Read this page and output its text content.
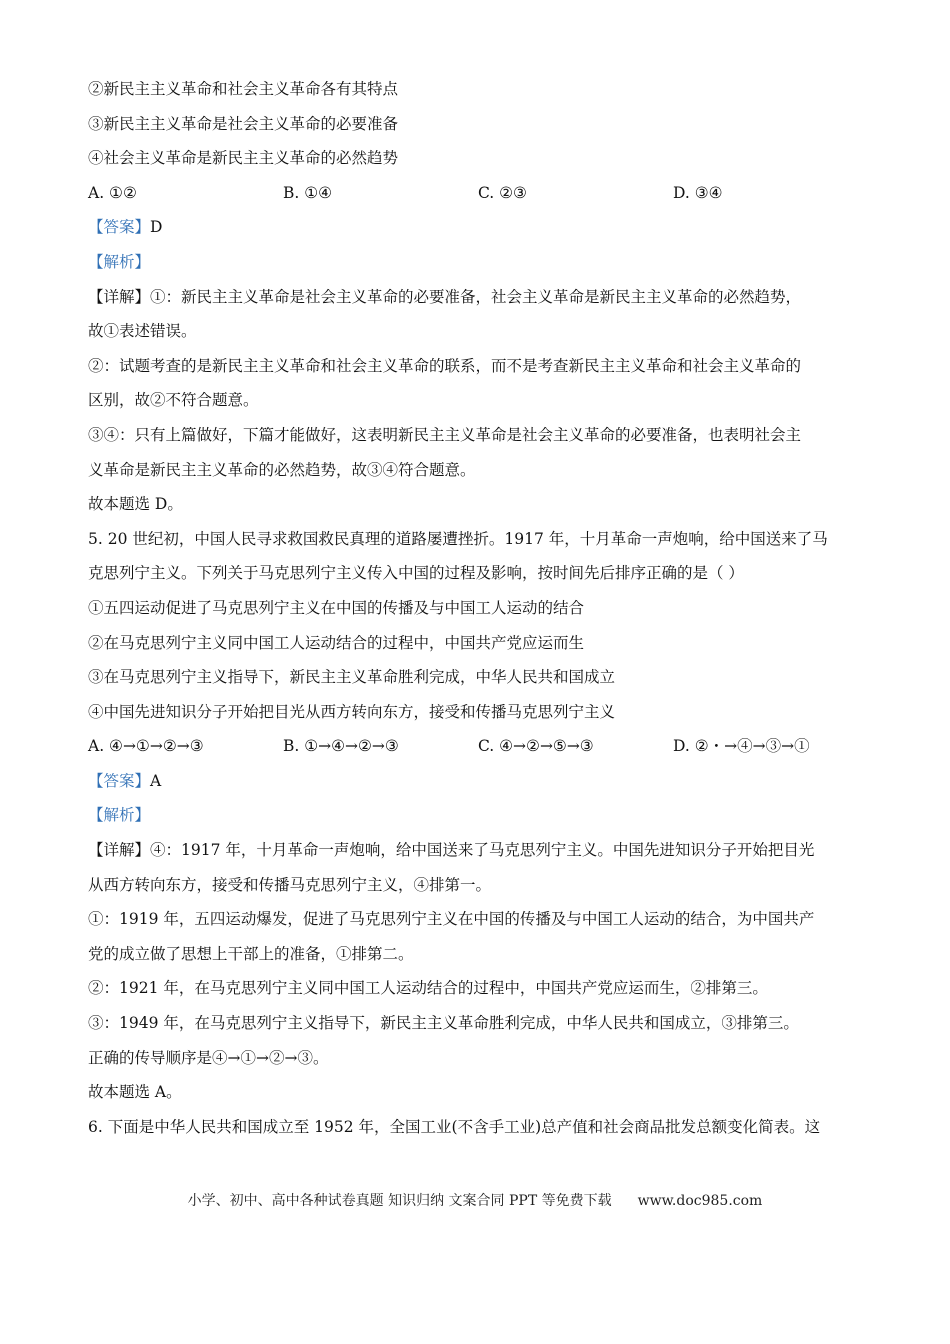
②新民主主义革命和社会主义革命各有其特点
③新民主主义革命是社会主义革命的必要准备
④社会主义革命是新民主主义革命的必然趋势
A. ①②	B. ①④	C. ②③	D. ③④
【答案】D
【解析】
【详解】①：新民主主义革命是社会主义革命的必要准备，社会主义革命是新民主主义革命的必然趋势，
故①表述错误。
②：试题考查的是新民主主义革命和社会主义革命的联系，而不是考查新民主主义革命和社会主义革命的
区别，故②不符合题意。
③④：只有上篇做好，下篇才能做好，这表明新民主主义革命是社会主义革命的必要准备，也表明社会主
义革命是新民主主义革命的必然趋势，故③④符合题意。
故本题选 D。
5. 20 世纪初，中国人民寻求救国救民真理的道路屡遭挫折。1917 年，十月革命一声炮响，给中国送来了马
克思列宁主义。下列关于马克思列宁主义传入中国的过程及影响，按时间先后排序正确的是（ ）
①五四运动促进了马克思列宁主义在中国的传播及与中国工人运动的结合
②在马克思列宁主义同中国工人运动结合的过程中，中国共产党应运而生
③在马克思列宁主义指导下，新民主主义革命胜利完成，中华人民共和国成立
④中国先进知识分子开始把目光从西方转向东方，接受和传播马克思列宁主义
A. ④→①→②→③	B. ①→④→②→③	C. ④→②→⑤→③	D. ②・→④→③→①
【答案】A
【解析】
【详解】④：1917 年，十月革命一声炮响，给中国送来了马克思列宁主义。中国先进知识分子开始把目光
从西方转向东方，接受和传播马克思列宁主义，④排第一。
①：1919 年，五四运动爆发，促进了马克思列宁主义在中国的传播及与中国工人运动的结合，为中国共产
党的成立做了思想上干部上的准备，①排第二。
②：1921 年，在马克思列宁主义同中国工人运动结合的过程中，中国共产党应运而生，②排第三。
③：1949 年，在马克思列宁主义指导下，新民主主义革命胜利完成，中华人民共和国成立，③排第三。
正确的传导顺序是④→①→②→③。
故本题选 A。
6. 下面是中华人民共和国成立至 1952 年，全国工业(不含手工业)总产值和社会商品批发总额变化简表。这
小学、初中、高中各种试卷真题 知识归纳 文案合同 PPT 等免费下载 www.doc985.com
